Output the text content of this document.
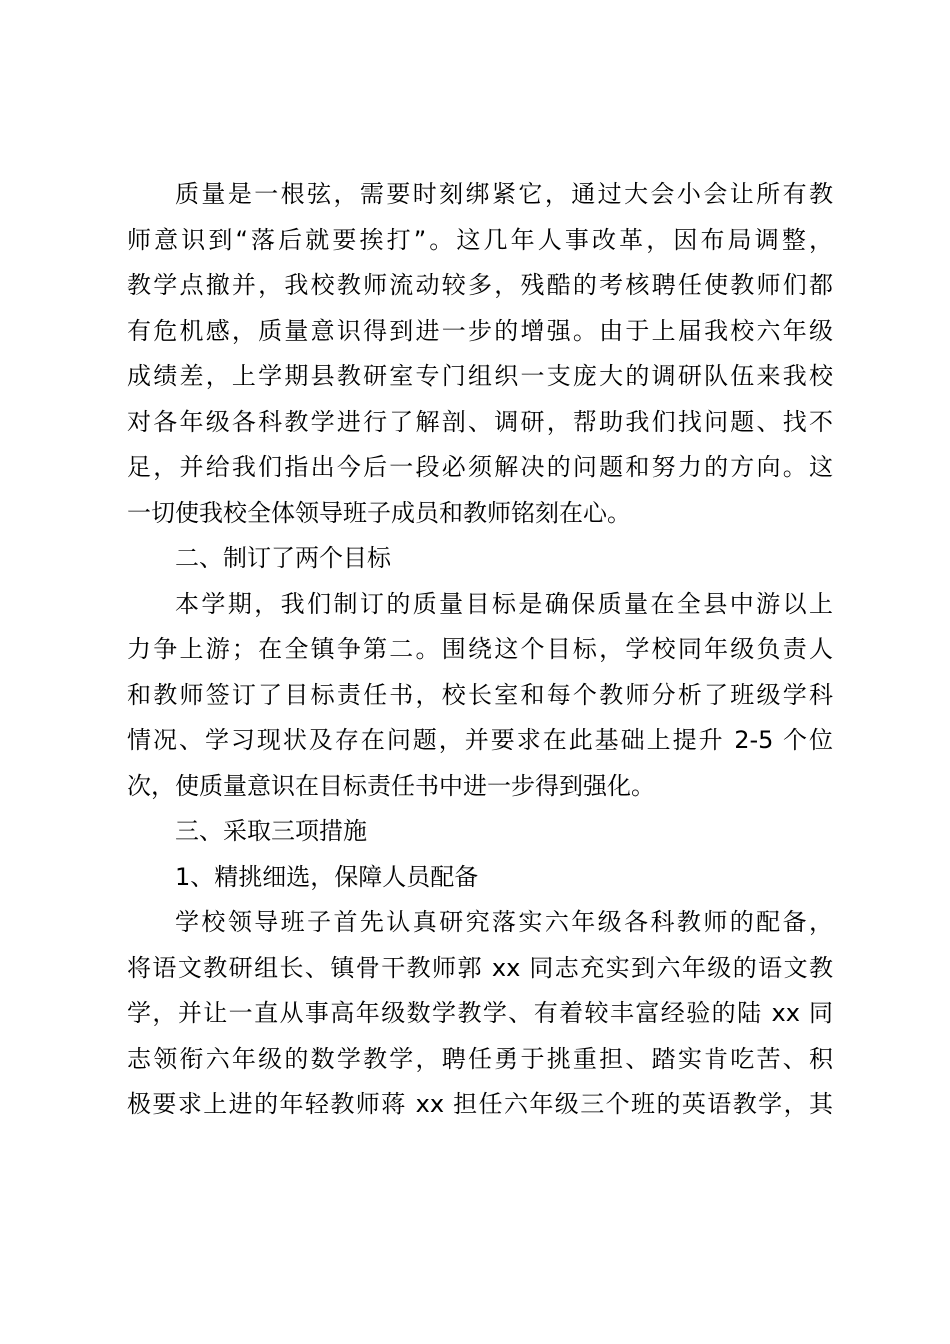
质量是一根弦，需要时刻绑紧它，通过大会小会让所有教
师意识到“落后就要挨打”。这几年人事改革，因布局调整，
教学点撤并，我校教师流动较多，残酷的考核聘任使教师们都
有危机感，质量意识得到进一步的增强。由于上届我校六年级
成绩差，上学期县教研室专门组织一支庞大的调研队伍来我校
对各年级各科教学进行了解剖、调研，帮助我们找问题、找不
足，并给我们指出今后一段必须解决的问题和努力的方向。这
一切使我校全体领导班子成员和教师铭刻在心。

二、制订了两个目标

本学期，我们制订的质量目标是确保质量在全县中游以上
力争上游；在全镇争第二。围绕这个目标，学校同年级负责人
和教师签订了目标责任书，校长室和每个教师分析了班级学科
情况、学习现状及存在问题，并要求在此基础上提升 2-5 个位
次，使质量意识在目标责任书中进一步得到强化。

三、采取三项措施

1、精挑细选，保障人员配备

学校领导班子首先认真研究落实六年级各科教师的配备，
将语文教研组长、镇骨干教师郭 xx 同志充实到六年级的语文教
学，并让一直从事高年级数学教学、有着较丰富经验的陆 xx 同
志领衔六年级的数学教学，聘任勇于挑重担、踏实肯吃苦、积
极要求上进的年轻教师蒋 xx 担任六年级三个班的英语教学，其
